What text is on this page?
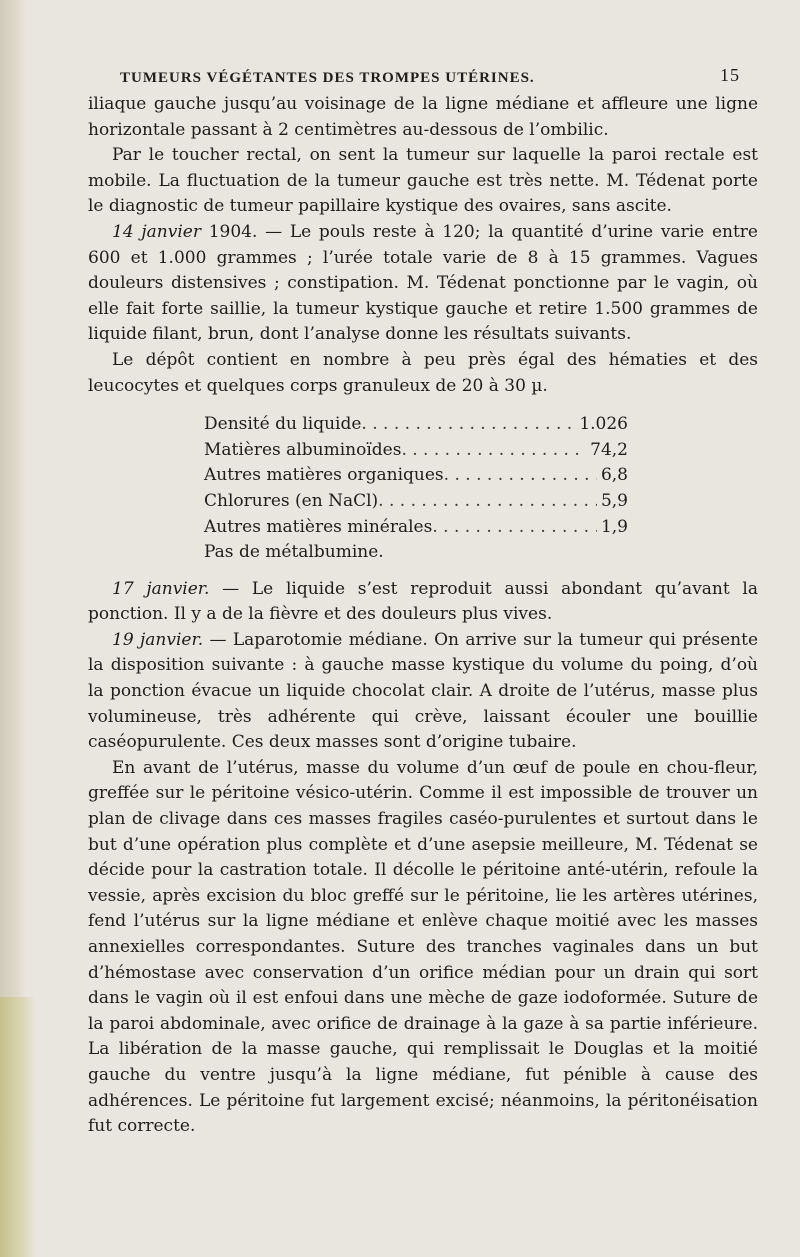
TUMEURS VÉGÉTANTES DES TROMPES UTÉRINES.	15

iliaque gauche jusqu’au voisinage de la ligne médiane et affleure une ligne horizontale passant à 2 centimètres au-dessous de l’ombilic.

Par le toucher rectal, on sent la tumeur sur laquelle la paroi rectale est mobile. La fluctuation de la tumeur gauche est très nette. M. Tédenat porte le diagnostic de tumeur papillaire kystique des ovaires, sans ascite.

14 janvier 1904. — Le pouls reste à 120; la quantité d’urine varie entre 600 et 1.000 grammes ; l’urée totale varie de 8 à 15 grammes. Vagues douleurs distensives ; constipation. M. Tédenat ponctionne par le vagin, où elle fait forte saillie, la tumeur kystique gauche et retire 1.500 grammes de liquide filant, brun, dont l’analyse donne les résultats suivants.

Le dépôt contient en nombre à peu près égal des hématies et des leucocytes et quelques corps granuleux de 20 à 30 µ.

Densité du liquide . . .	1.026
Matières albuminoïdes . . .	74,2
Autres matières organiques . . .	6,8
Chlorures (en NaCl) . . .	5,9
Autres matières minérales . . .	1,9
Pas de métalbumine.

17 janvier. — Le liquide s’est reproduit aussi abondant qu’avant la ponction. Il y a de la fièvre et des douleurs plus vives.

19 janvier. — Laparotomie médiane. On arrive sur la tumeur qui présente la disposition suivante : à gauche masse kystique du volume du poing, d’où la ponction évacue un liquide chocolat clair. A droite de l’utérus, masse plus volumineuse, très adhérente qui crève, laissant écouler une bouillie caséopurulente. Ces deux masses sont d’origine tubaire.

En avant de l’utérus, masse du volume d’un œuf de poule en chou-fleur, greffée sur le péritoine vésico-utérin. Comme il est impossible de trouver un plan de clivage dans ces masses fragiles caséo-purulentes et surtout dans le but d’une opération plus complète et d’une asepsie meilleure, M. Tédenat se décide pour la castration totale. Il décolle le péritoine anté-utérin, refoule la vessie, après excision du bloc greffé sur le péritoine, lie les artères utérines, fend l’utérus sur la ligne médiane et enlève chaque moitié avec les masses annexielles correspondantes. Suture des tranches vaginales dans un but d’hémostase avec conservation d’un orifice médian pour un drain qui sort dans le vagin où il est enfoui dans une mèche de gaze iodoformée. Suture de la paroi abdominale, avec orifice de drainage à la gaze à sa partie inférieure. La libération de la masse gauche, qui remplissait le Douglas et la moitié gauche du ventre jusqu’à la ligne médiane, fut pénible à cause des adhérences. Le péritoine fut largement excisé; néanmoins, la péritonéisation fut correcte.
